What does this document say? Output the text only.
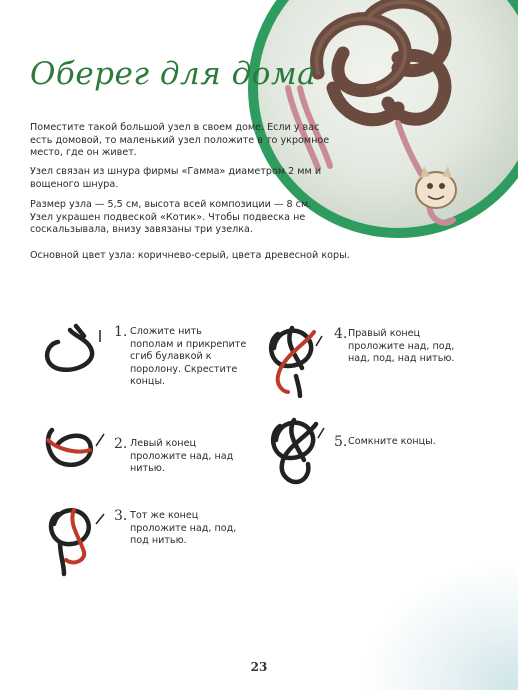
Оберег для дома

Поместите такой большой узел в своем доме. Если у вас есть домовой, то маленький узел положите в то укромное место, где он живет.

Узел связан из шнура фирмы «Гамма» диаметром 2 мм и вощеного шнура.

Размер узла — 5,5 см, высота всей композиции — 8 см. Узел украшен подвеской «Котик». Чтобы подвеска не соскальзывала, внизу завязаны три узелка.

Основной цвет узла: коричнево-серый, цвета древесной коры.

1. Сложите нить пополам и прикрепите сгиб булавкой к поролону. Скрестите концы.

2. Левый конец проложите над, над нитью.

3. Тот же конец проложите над, под, под нитью.

4. Правый конец проложите над, под, над, под, над нитью.

5. Сомкните концы.

23
